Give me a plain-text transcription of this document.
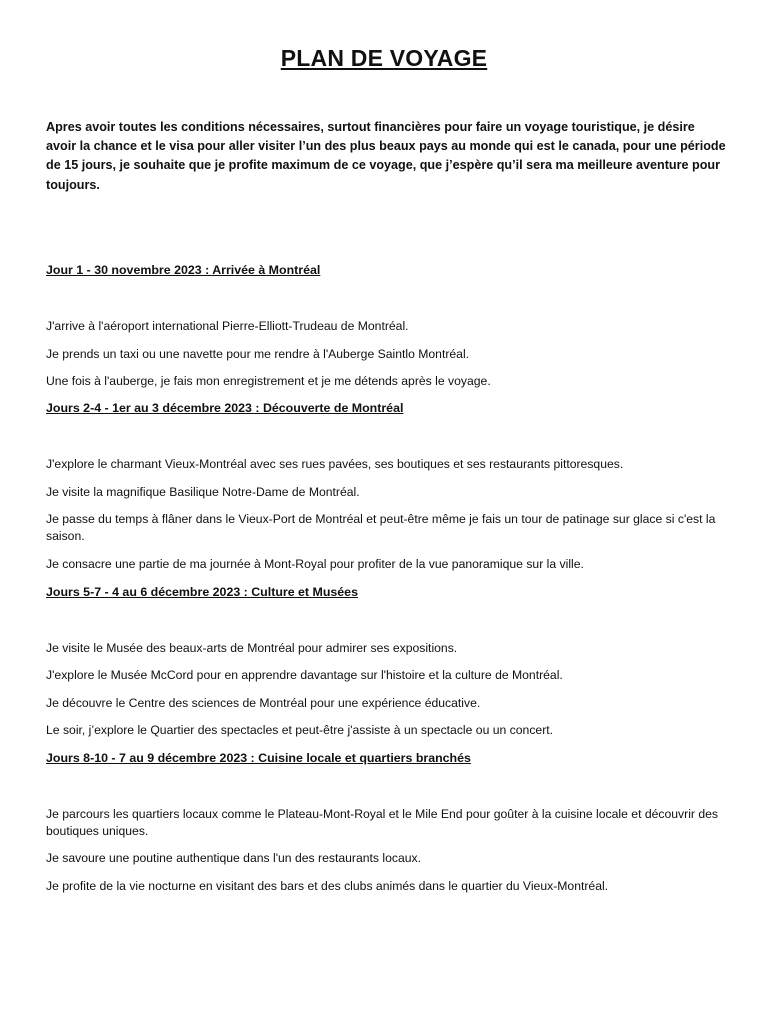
PLAN DE VOYAGE
Apres avoir toutes les conditions nécessaires, surtout financières pour faire un voyage touristique, je désire avoir la chance et le visa pour aller visiter l’un des plus beaux pays au monde qui est le canada, pour une période de 15 jours, je souhaite que je profite maximum de ce voyage, que j’espère qu’il sera ma meilleure aventure pour toujours.
Jour 1 - 30 novembre 2023 : Arrivée à Montréal
J'arrive à l'aéroport international Pierre-Elliott-Trudeau de Montréal.
Je prends un taxi ou une navette pour me rendre à l'Auberge Saintlo Montréal.
Une fois à l'auberge, je fais mon enregistrement et je me détends après le voyage.
Jours 2-4 - 1er au 3 décembre 2023 : Découverte de Montréal
J'explore le charmant Vieux-Montréal avec ses rues pavées, ses boutiques et ses restaurants pittoresques.
Je visite la magnifique Basilique Notre-Dame de Montréal.
Je passe du temps à flâner dans le Vieux-Port de Montréal et peut-être même je fais un tour de patinage sur glace si c'est la saison.
Je consacre une partie de ma journée à Mont-Royal pour profiter de la vue panoramique sur la ville.
Jours 5-7 - 4 au 6 décembre 2023 : Culture et Musées
Je visite le Musée des beaux-arts de Montréal pour admirer ses expositions.
J'explore le Musée McCord pour en apprendre davantage sur l'histoire et la culture de Montréal.
Je découvre le Centre des sciences de Montréal pour une expérience éducative.
Le soir, j’explore le Quartier des spectacles et peut-être j'assiste à un spectacle ou un concert.
Jours 8-10 - 7 au 9 décembre 2023 : Cuisine locale et quartiers branchés
Je parcours les quartiers locaux comme le Plateau-Mont-Royal et le Mile End pour goûter à la cuisine locale et découvrir des boutiques uniques.
Je savoure une poutine authentique dans l'un des restaurants locaux.
Je profite de la vie nocturne en visitant des bars et des clubs animés dans le quartier du Vieux-Montréal.
